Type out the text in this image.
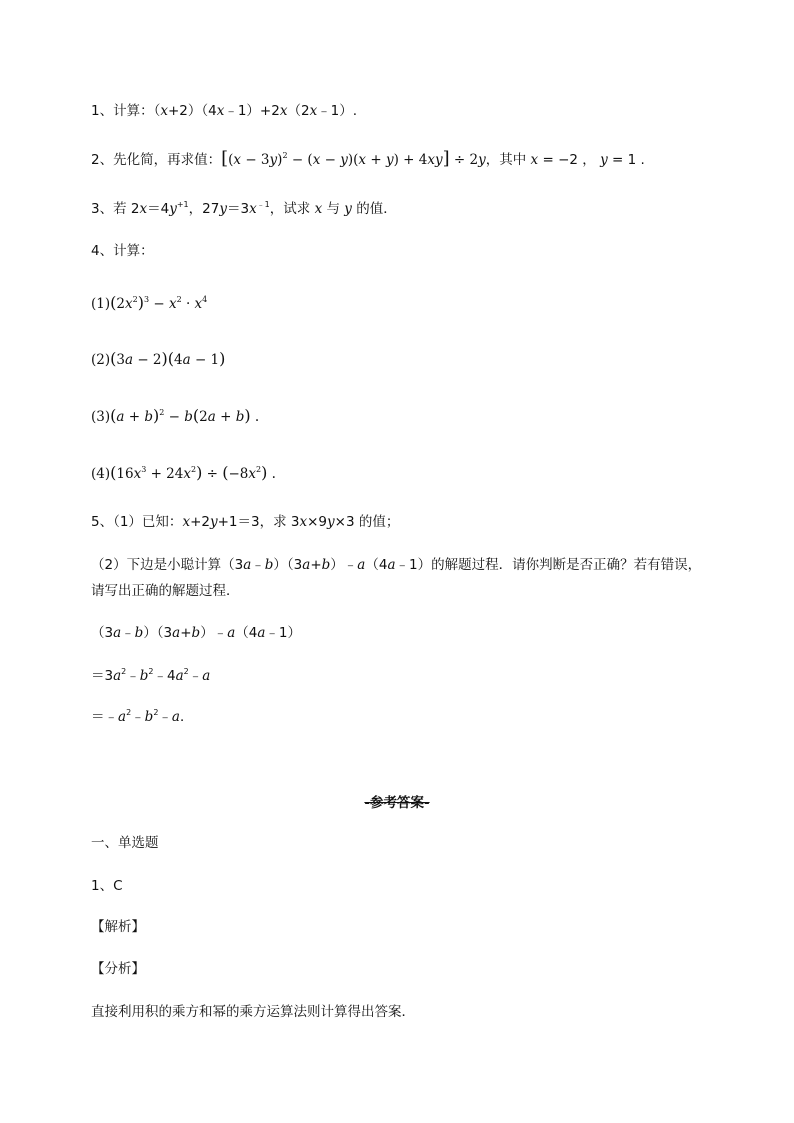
1、计算：（x+2）（4x﹣1）+2x（2x﹣1）.
2、先化简，再求值：$[(x - 3y)^2 - (x - y)(x + y) + 4xy] \div 2y$，其中 x = −2 ， y = 1 .
3、若 $2x=4y^{+1}$，$27y=3x^{﹣1}$，试求 x 与 y 的值．
4、计算：
$(1)(2x^2)^3 - x^2 \cdot x^4$
(2)(3a − 2)(4a − 1)
$(3)(a + b)^2 - b(2a + b)$ .
$(4)(16x^3 + 24x^2) \div (-8x^2)$ .
5、（1）已知：x+2y+1＝3，求 3x×9y×3 的值；
（2）下边是小聪计算（3a﹣b）（3a+b）﹣a（4a﹣1）的解题过程．请你判断是否正确？若有错误，
请写出正确的解题过程．
（3a﹣b）（3a+b）﹣a（4a﹣1）
$=3a^2﹣b^2﹣4a^2﹣a$
$=﹣a^2﹣b^2﹣a$．
-参考答案-
一、单选题
1、C
【解析】
【分析】
直接利用积的乘方和幂的乘方运算法则计算得出答案．
